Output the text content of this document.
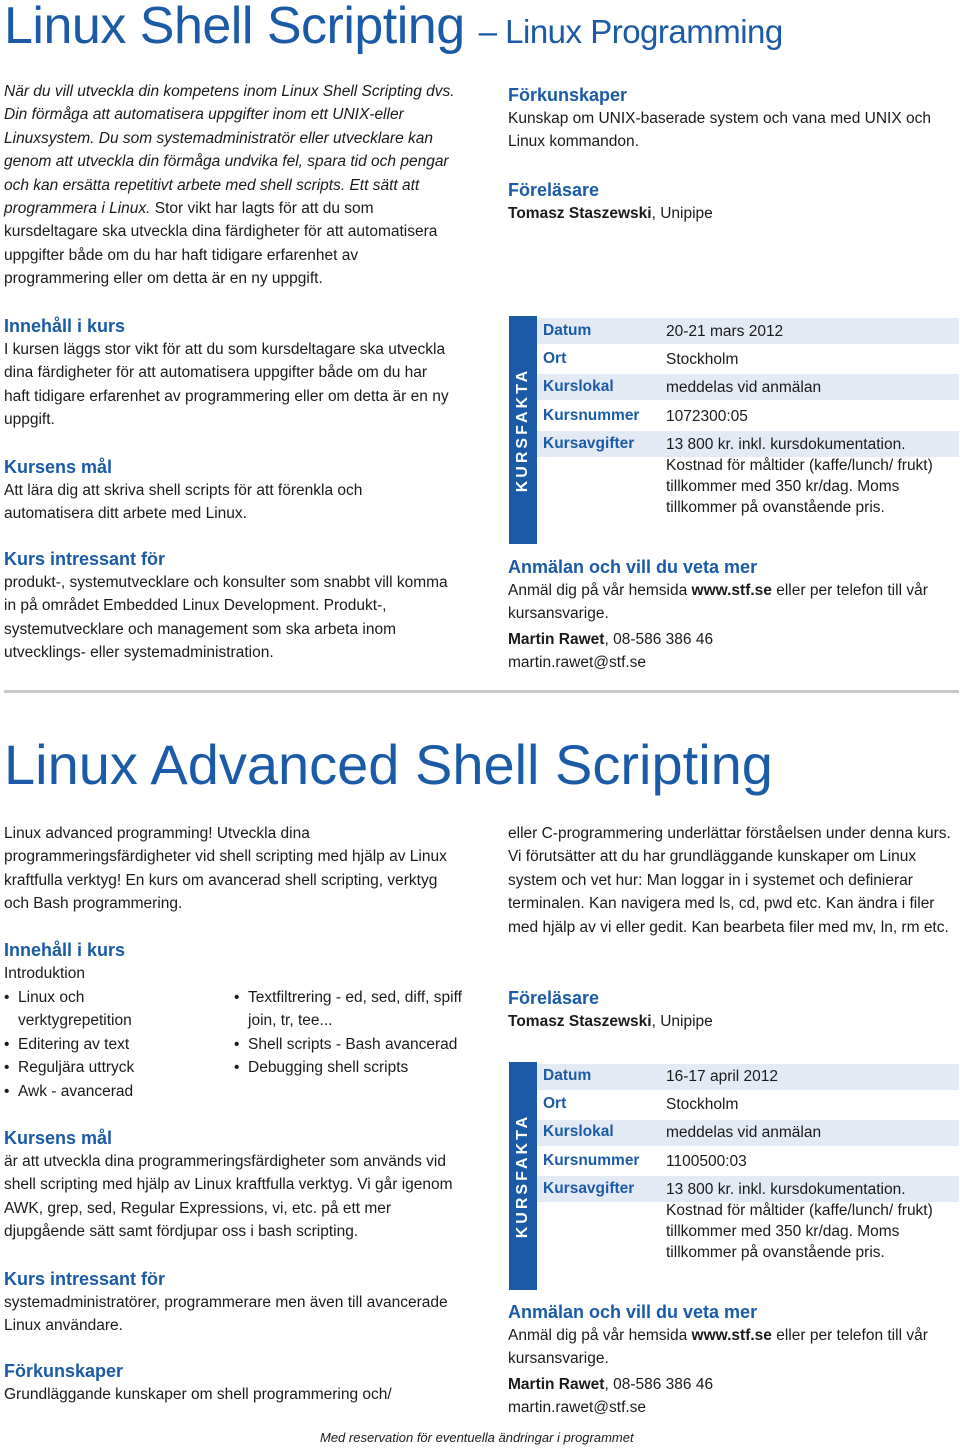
Linux Shell Scripting – Linux Programming
När du vill utveckla din kompetens inom Linux Shell Scripting dvs. Din förmåga att automatisera uppgifter inom ett UNIX-eller Linuxsystem. Du som systemadministratör eller utvecklare kan genom att utveckla din förmåga undvika fel, spara tid och pengar och kan ersätta repetitivt arbete med shell scripts. Ett sätt att programmera i Linux. Stor vikt har lagts för att du som kursdeltagare ska utveckla dina färdigheter för att automatisera uppgifter både om du har haft tidigare erfarenhet av programmering eller om detta är en ny uppgift.
Innehåll i kurs
I kursen läggs stor vikt för att du som kursdeltagare ska utveckla dina färdigheter för att automatisera uppgifter både om du har haft tidigare erfarenhet av programmering eller om detta är en ny uppgift.
Kursens mål
Att lära dig att skriva shell scripts för att förenkla och automatisera ditt arbete med Linux.
Kurs intressant för
produkt-, systemutvecklare och konsulter som snabbt vill komma in på området Embedded Linux Development. Produkt-, systemutvecklare och management som ska arbeta inom utvecklings- eller systemadministration.
Förkunskaper
Kunskap om UNIX-baserade system och vana med UNIX och Linux kommandon.
Föreläsare
Tomasz Staszewski, Unipipe
KURSFAKTA
Datum	20-21 mars 2012
Ort	Stockholm
Kurslokal	meddelas vid anmälan
Kursnummer 1072300:05
Kursavgifter 13 800 kr. inkl. kursdokumentation. Kostnad för måltider (kaffe/lunch/ frukt) tillkommer med 350 kr/dag. Moms tillkommer på ovanstående pris.
Anmälan och vill du veta mer
Anmäl dig på vår hemsida www.stf.se eller per telefon till vår kursansvarige.
Martin Rawet, 08-586 386 46
martin.rawet@stf.se
Linux Advanced Shell Scripting
Linux advanced programming! Utveckla dina programmeringsfärdigheter vid shell scripting med hjälp av Linux kraftfulla verktyg! En kurs om avancerad shell scripting, verktyg och Bash programmering.
Innehåll i kurs
Introduktion
• Linux och verktygrepetition
• Editering av text
• Reguljära uttryck
• Awk - avancerad
• Textfiltrering - ed, sed, diff, spiff join, tr, tee...
• Shell scripts - Bash avancerad
• Debugging shell scripts
Kursens mål
är att utveckla dina programmeringsfärdigheter som används vid shell scripting med hjälp av Linux kraftfulla verktyg. Vi går igenom AWK, grep, sed, Regular Expressions, vi, etc. på ett mer djupgående sätt samt fördjupar oss i bash scripting.
Kurs intressant för
systemadministratörer, programmerare men även till avancerade Linux användare.
Förkunskaper
Grundläggande kunskaper om shell programmering och/
eller C-programmering underlättar förståelsen under denna kurs. Vi förutsätter att du har grundläggande kunskaper om Linux system och vet hur: Man loggar in i systemet och definierar terminalen. Kan navigera med ls, cd, pwd etc. Kan ändra i filer med hjälp av vi eller gedit. Kan bearbeta filer med mv, ln, rm etc.
Föreläsare
Tomasz Staszewski, Unipipe
KURSFAKTA
Datum	16-17 april 2012
Ort	Stockholm
Kurslokal	meddelas vid anmälan
Kursnummer 1100500:03
Kursavgifter 13 800 kr. inkl. kursdokumentation. Kostnad för måltider (kaffe/lunch/ frukt) tillkommer med 350 kr/dag. Moms tillkommer på ovanstående pris.
Anmälan och vill du veta mer
Anmäl dig på vår hemsida www.stf.se eller per telefon till vår kursansvarige.
Martin Rawet, 08-586 386 46
martin.rawet@stf.se
Med reservation för eventuella ändringar i programmet
